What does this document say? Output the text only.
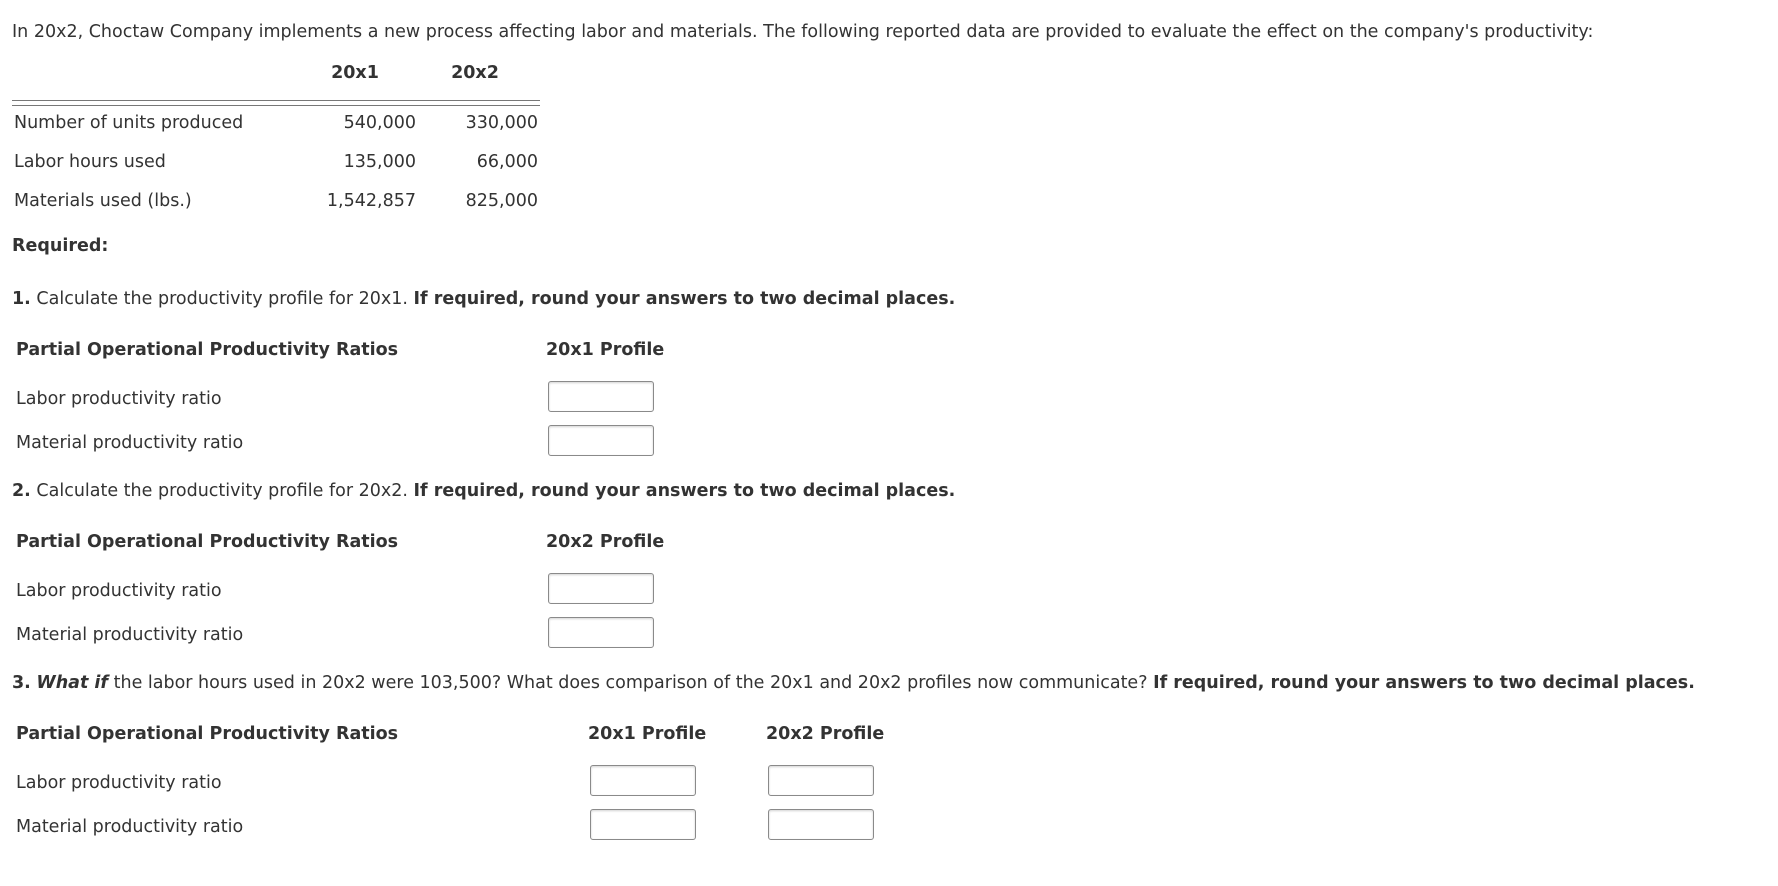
In 20x2, Choctaw Company implements a new process affecting labor and materials. The following reported data are provided to evaluate the effect on the company's productivity:
20x1	20x2
Number of units produced	540,000	330,000
Labor hours used	135,000	66,000
Materials used (lbs.)	1,542,857	825,000
Required:
1. Calculate the productivity profile for 20x1. If required, round your answers to two decimal places.
Partial Operational Productivity Ratios	20x1 Profile
Labor productivity ratio
Material productivity ratio
2. Calculate the productivity profile for 20x2. If required, round your answers to two decimal places.
Partial Operational Productivity Ratios	20x2 Profile
Labor productivity ratio
Material productivity ratio
3. What if the labor hours used in 20x2 were 103,500? What does comparison of the 20x1 and 20x2 profiles now communicate? If required, round your answers to two decimal places.
Partial Operational Productivity Ratios	20x1 Profile	20x2 Profile
Labor productivity ratio
Material productivity ratio
